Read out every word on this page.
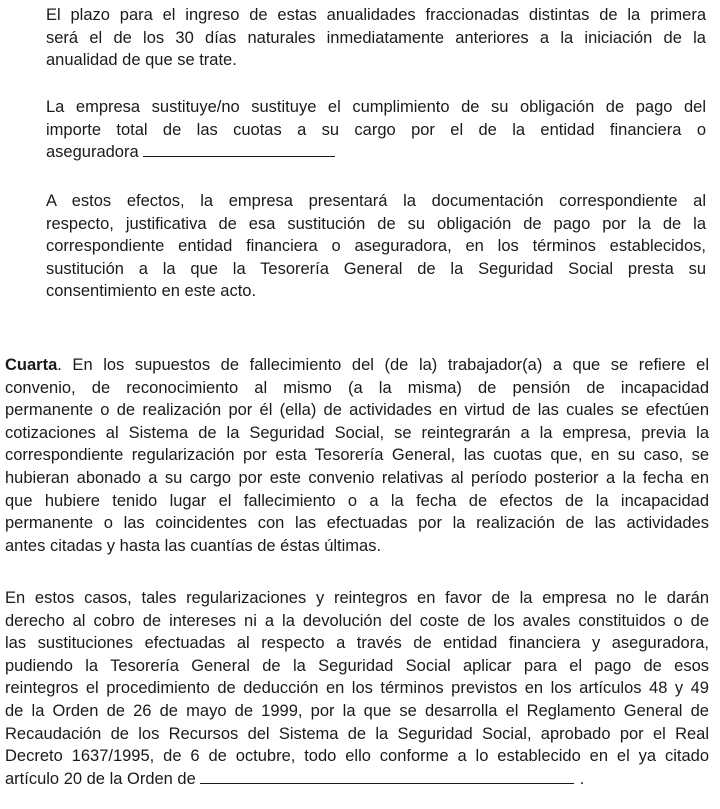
El plazo para el ingreso de estas anualidades fraccionadas distintas de la primera
será el de los 30 días naturales inmediatamente anteriores a la iniciación de la
anualidad de que se trate.
La empresa sustituye/no sustituye el cumplimiento de su obligación de pago del
importe total de las cuotas a su cargo por el de la entidad financiera o
aseguradora
A estos efectos, la empresa presentará la documentación correspondiente al
respecto, justificativa de esa sustitución de su obligación de pago por la de la
correspondiente entidad financiera o aseguradora, en los términos establecidos,
sustitución a la que la Tesorería General de la Seguridad Social presta su
consentimiento en este acto.
Cuarta. En los supuestos de fallecimiento del (de la) trabajador(a) a que se refiere el
convenio, de reconocimiento al mismo (a la misma) de pensión de incapacidad
permanente o de realización por él (ella) de actividades en virtud de las cuales se efectúen
cotizaciones al Sistema de la Seguridad Social, se reintegrarán a la empresa, previa la
correspondiente regularización por esta Tesorería General, las cuotas que, en su caso, se
hubieran abonado a su cargo por este convenio relativas al período posterior a la fecha en
que hubiere tenido lugar el fallecimiento o a la fecha de efectos de la incapacidad
permanente o las coincidentes con las efectuadas por la realización de las actividades
antes citadas y hasta las cuantías de éstas últimas.
En estos casos, tales regularizaciones y reintegros en favor de la empresa no le darán
derecho al cobro de intereses ni a la devolución del coste de los avales constituidos o de
las sustituciones efectuadas al respecto a través de entidad financiera y aseguradora,
pudiendo la Tesorería General de la Seguridad Social aplicar para el pago de esos
reintegros el procedimiento de deducción en los términos previstos en los artículos 48 y 49
de la Orden de 26 de mayo de 1999, por la que se desarrolla el Reglamento General de
Recaudación de los Recursos del Sistema de la Seguridad Social, aprobado por el Real
Decreto 1637/1995, de 6 de octubre, todo ello conforme a lo establecido en el ya citado
artículo 20 de la Orden de	.
